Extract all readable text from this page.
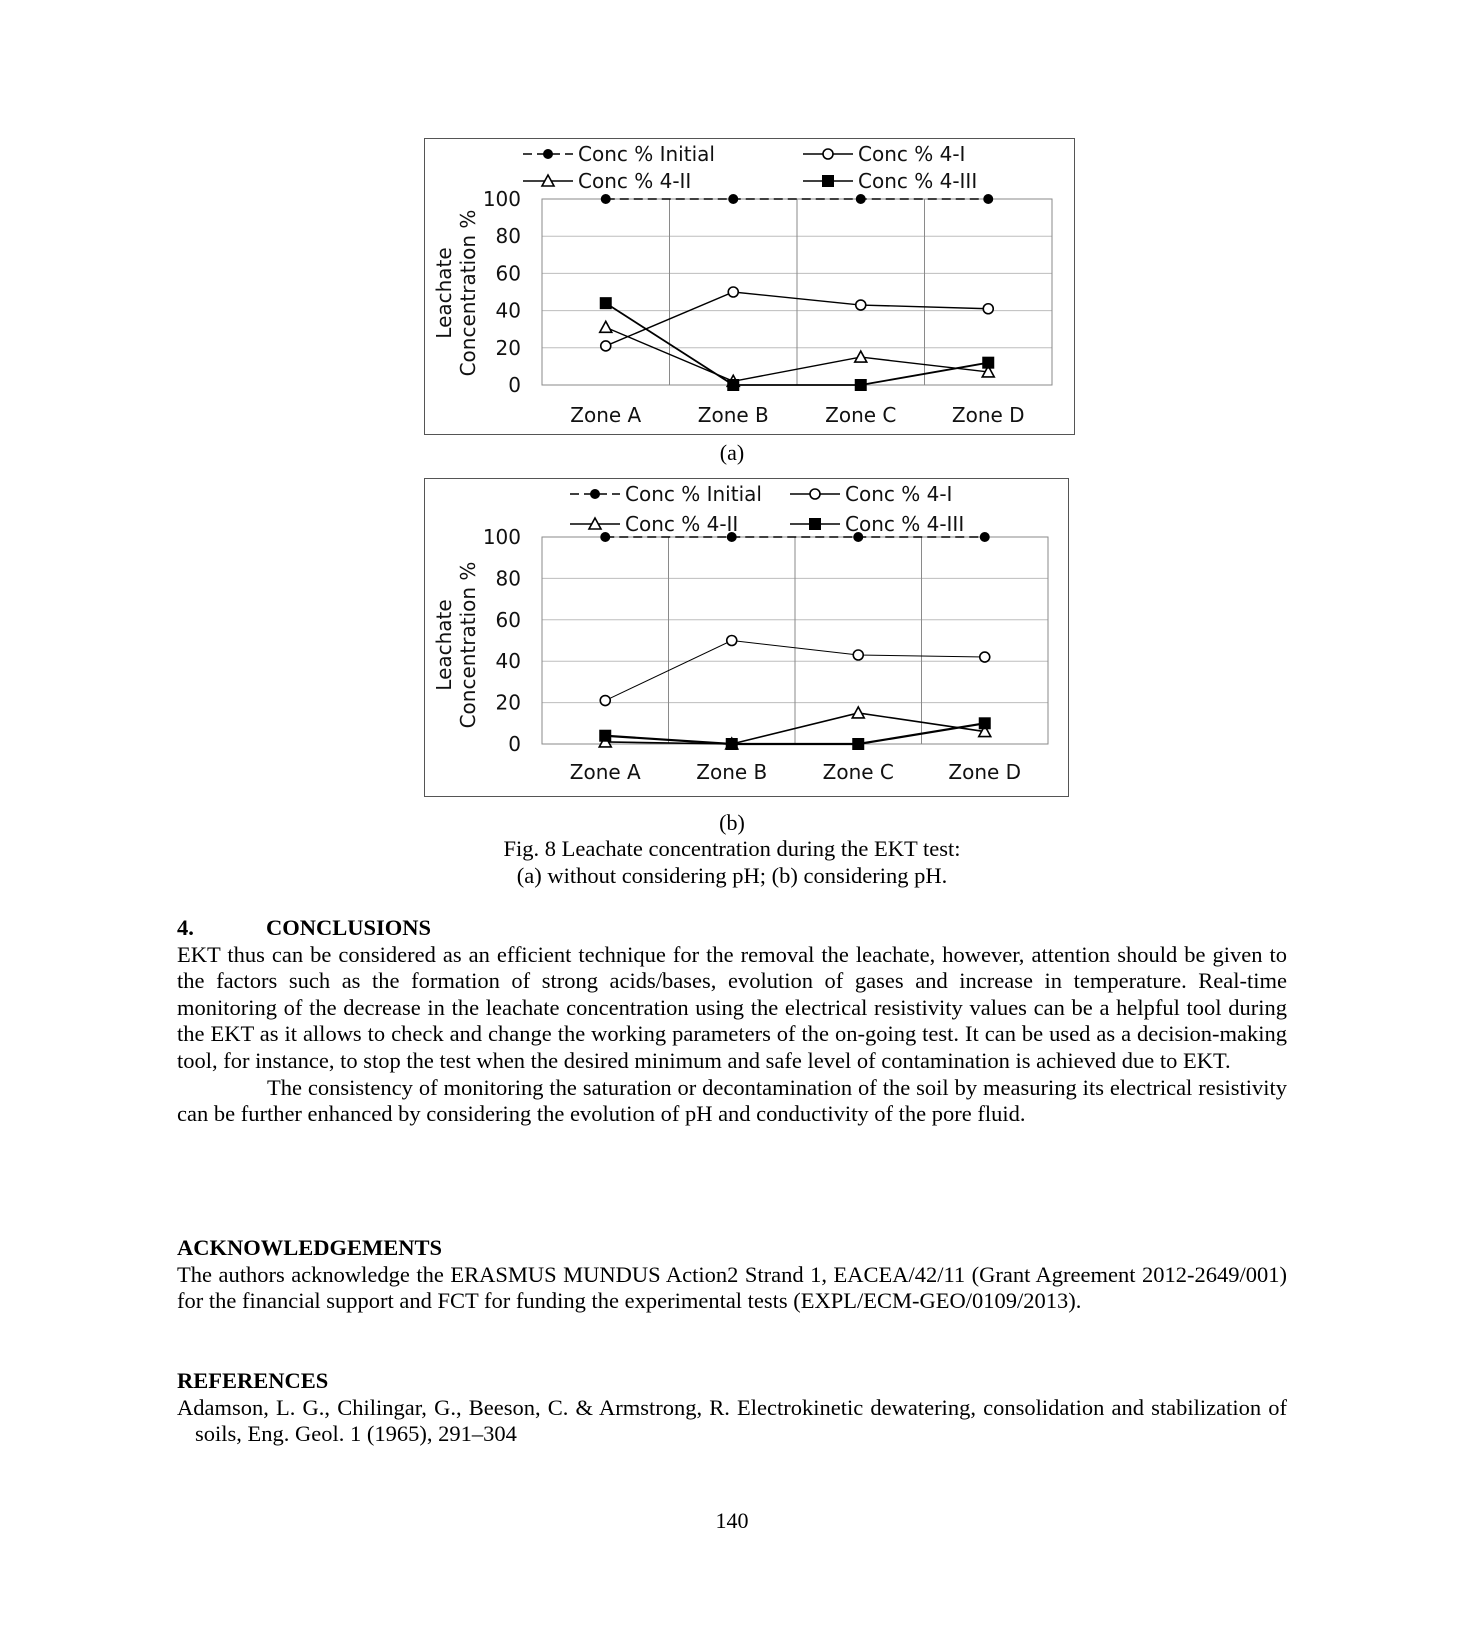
0
20
40
60
80
100
Zone A	Zone B	Zone C	Zone D
Leachate Concentration %
Conc % Initial	Conc % 4-I
Conc % 4-II	Conc % 4-III
(a)
0
20
40
60
80
100
Zone A	Zone B	Zone C	Zone D
Leachate Concentration %
Conc % Initial	Conc % 4-I
Conc % 4-II	Conc % 4-III
(b)
Fig. 8 Leachate concentration during the EKT test:
(a) without considering pH; (b) considering pH.
4.	CONCLUSIONS

EKT thus can be considered as an efficient technique for the removal the leachate, however, attention should be given to the factors such as the formation of strong acids/bases, evolution of gases and increase in temperature. Real-time monitoring of the decrease in the leachate concentration using the electrical resistivity values can be a helpful tool during the EKT as it allows to check and change the working parameters of the on-going test. It can be used as a decision-making tool, for instance, to stop the test when the desired minimum and safe level of contamination is achieved due to EKT.

The consistency of monitoring the saturation or decontamination of the soil by measuring its electrical resistivity can be further enhanced by considering the evolution of pH and conductivity of the pore fluid.

ACKNOWLEDGEMENTS

The authors acknowledge the ERASMUS MUNDUS Action2 Strand 1, EACEA/42/11 (Grant Agreement 2012-2649/001) for the financial support and FCT for funding the experimental tests (EXPL/ECM-GEO/0109/2013).

REFERENCES

Adamson, L. G., Chilingar, G., Beeson, C. & Armstrong, R. Electrokinetic dewatering, consolidation and stabilization of soils, Eng. Geol. 1 (1965), 291–304

140
